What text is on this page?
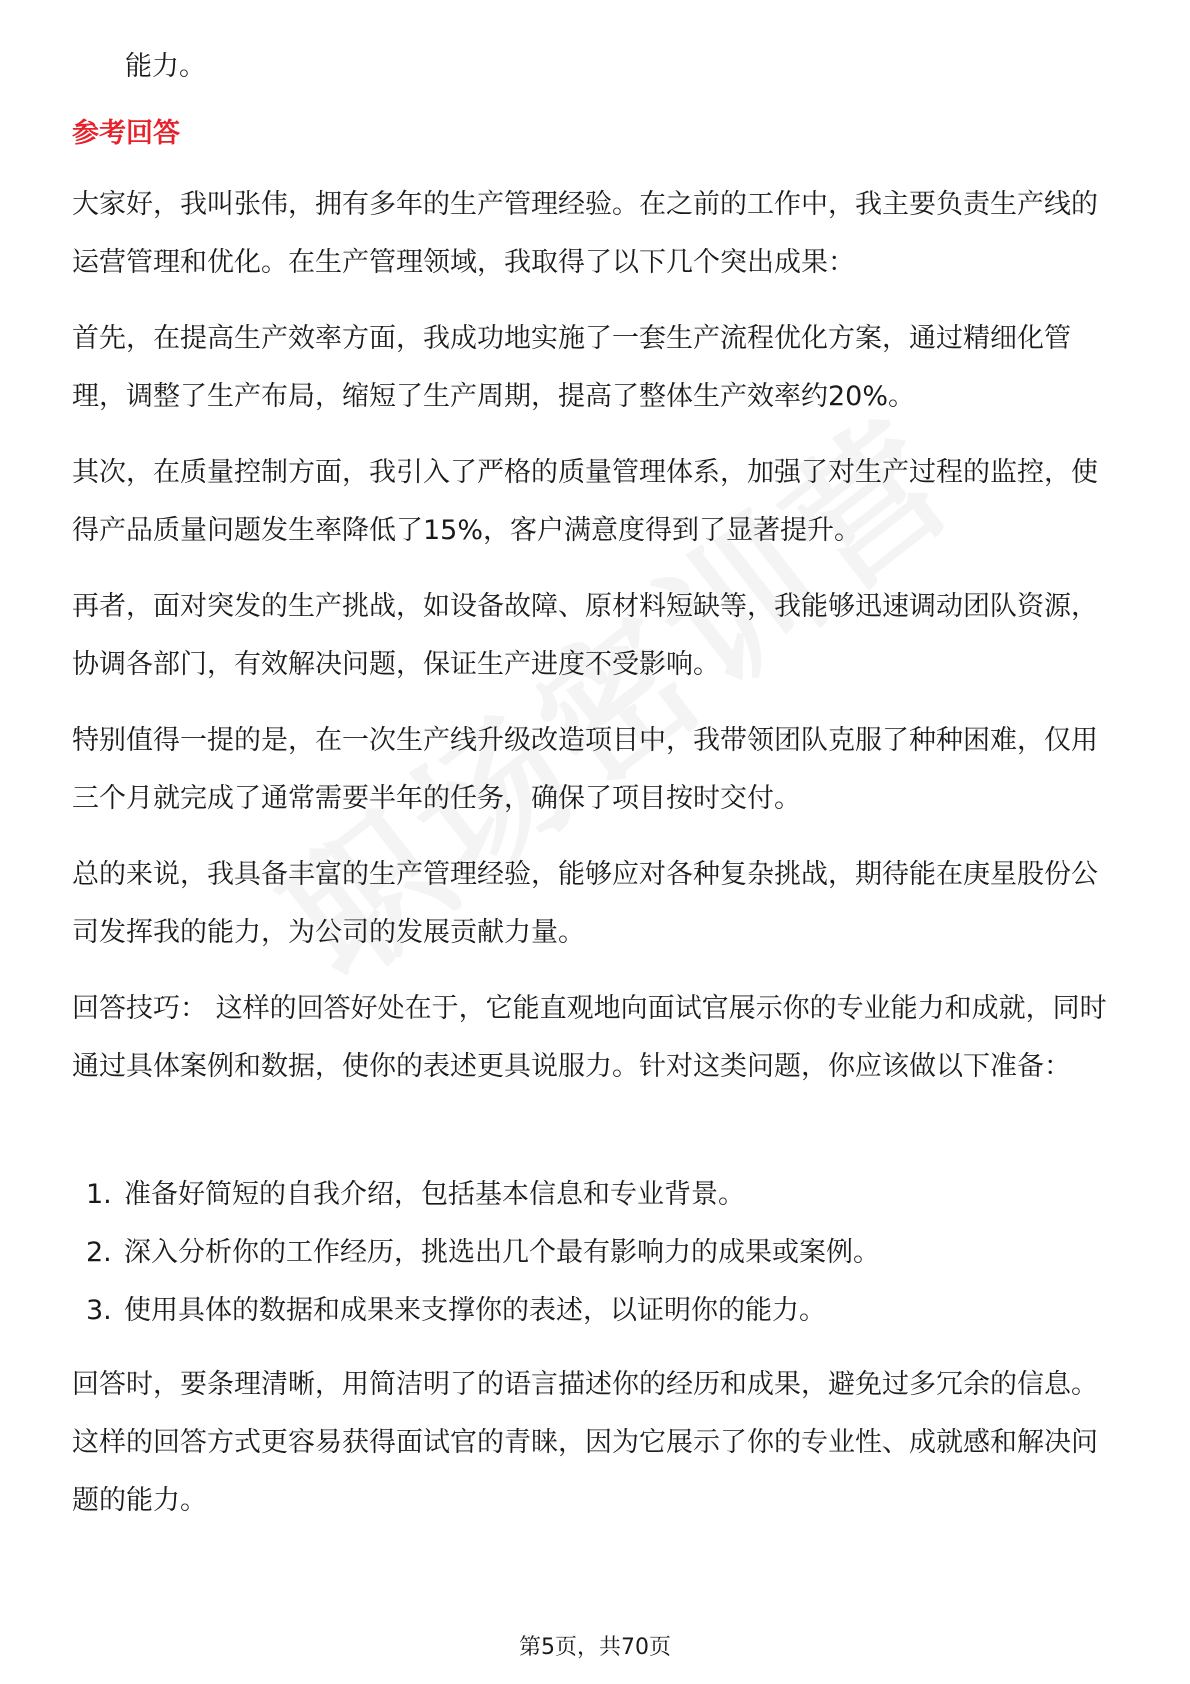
能力。

参考回答

大家好，我叫张伟，拥有多年的生产管理经验。在之前的工作中，我主要负责生产线的运营管理和优化。在生产管理领域，我取得了以下几个突出成果：

首先，在提高生产效率方面，我成功地实施了一套生产流程优化方案，通过精细化管理，调整了生产布局，缩短了生产周期，提高了整体生产效率约20%。

其次，在质量控制方面，我引入了严格的质量管理体系，加强了对生产过程的监控，使得产品质量问题发生率降低了15%，客户满意度得到了显著提升。

再者，面对突发的生产挑战，如设备故障、原材料短缺等，我能够迅速调动团队资源，协调各部门，有效解决问题，保证生产进度不受影响。

特别值得一提的是，在一次生产线升级改造项目中，我带领团队克服了种种困难，仅用三个月就完成了通常需要半年的任务，确保了项目按时交付。

总的来说，我具备丰富的生产管理经验，能够应对各种复杂挑战，期待能在庚星股份公司发挥我的能力，为公司的发展贡献力量。

回答技巧： 这样的回答好处在于，它能直观地向面试官展示你的专业能力和成就，同时通过具体案例和数据，使你的表述更具说服力。针对这类问题，你应该做以下准备：

1. 准备好简短的自我介绍，包括基本信息和专业背景。
2. 深入分析你的工作经历，挑选出几个最有影响力的成果或案例。
3. 使用具体的数据和成果来支撑你的表述，以证明你的能力。

回答时，要条理清晰，用简洁明了的语言描述你的经历和成果，避免过多冗余的信息。这样的回答方式更容易获得面试官的青睐，因为它展示了你的专业性、成就感和解决问题的能力。

第5页，共70页
